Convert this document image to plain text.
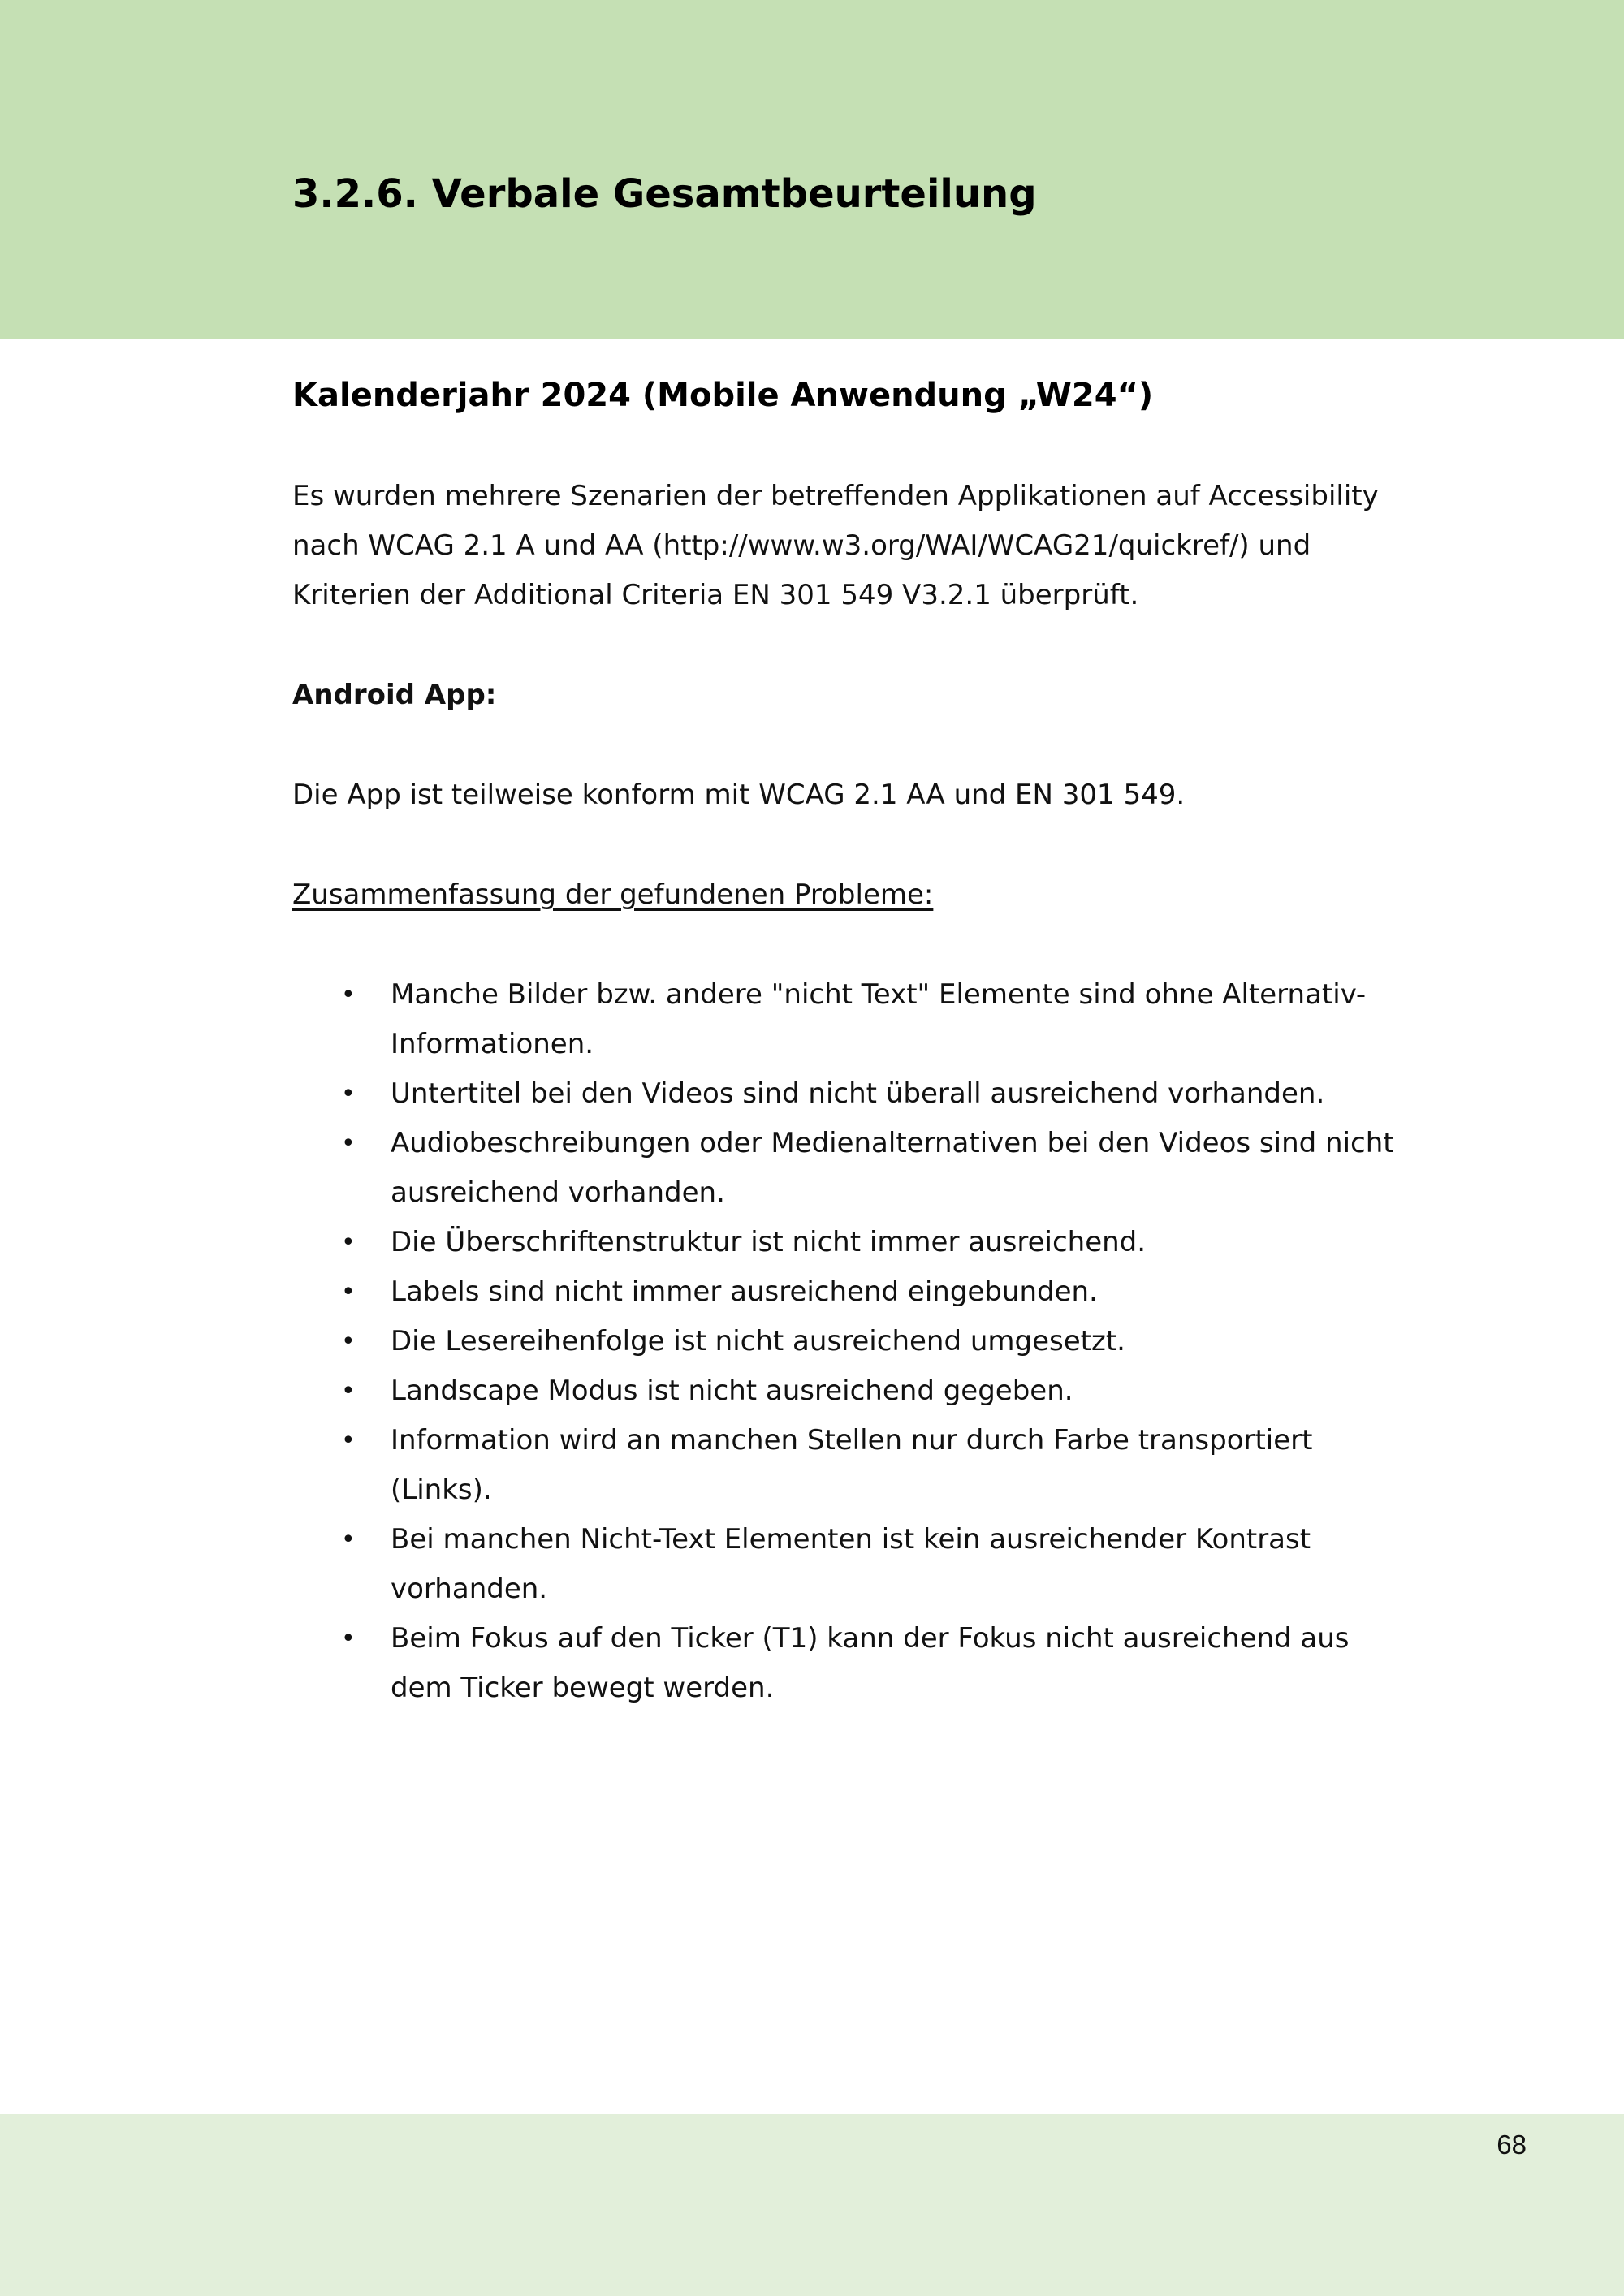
3.2.6. Verbale Gesamtbeurteilung
Kalenderjahr 2024 (Mobile Anwendung „W24“)

Es wurden mehrere Szenarien der betreffenden Applikationen auf Accessibility nach WCAG 2.1 A und AA (http://www.w3.org/WAI/WCAG21/quickref/) und Kriterien der Additional Criteria EN 301 549 V3.2.1 überprüft.

Android App:

Die App ist teilweise konform mit WCAG 2.1 AA und EN 301 549.

Zusammenfassung der gefundenen Probleme:

• Manche Bilder bzw. andere "nicht Text" Elemente sind ohne Alternativ-Informationen.
• Untertitel bei den Videos sind nicht überall ausreichend vorhanden.
• Audiobeschreibungen oder Medienalternativen bei den Videos sind nicht ausreichend vorhanden.
• Die Überschriftenstruktur ist nicht immer ausreichend.
• Labels sind nicht immer ausreichend eingebunden.
• Die Lesereihenfolge ist nicht ausreichend umgesetzt.
• Landscape Modus ist nicht ausreichend gegeben.
• Information wird an manchen Stellen nur durch Farbe transportiert (Links).
• Bei manchen Nicht-Text Elementen ist kein ausreichender Kontrast vorhanden.
• Beim Fokus auf den Ticker (T1) kann der Fokus nicht ausreichend aus dem Ticker bewegt werden.
68
